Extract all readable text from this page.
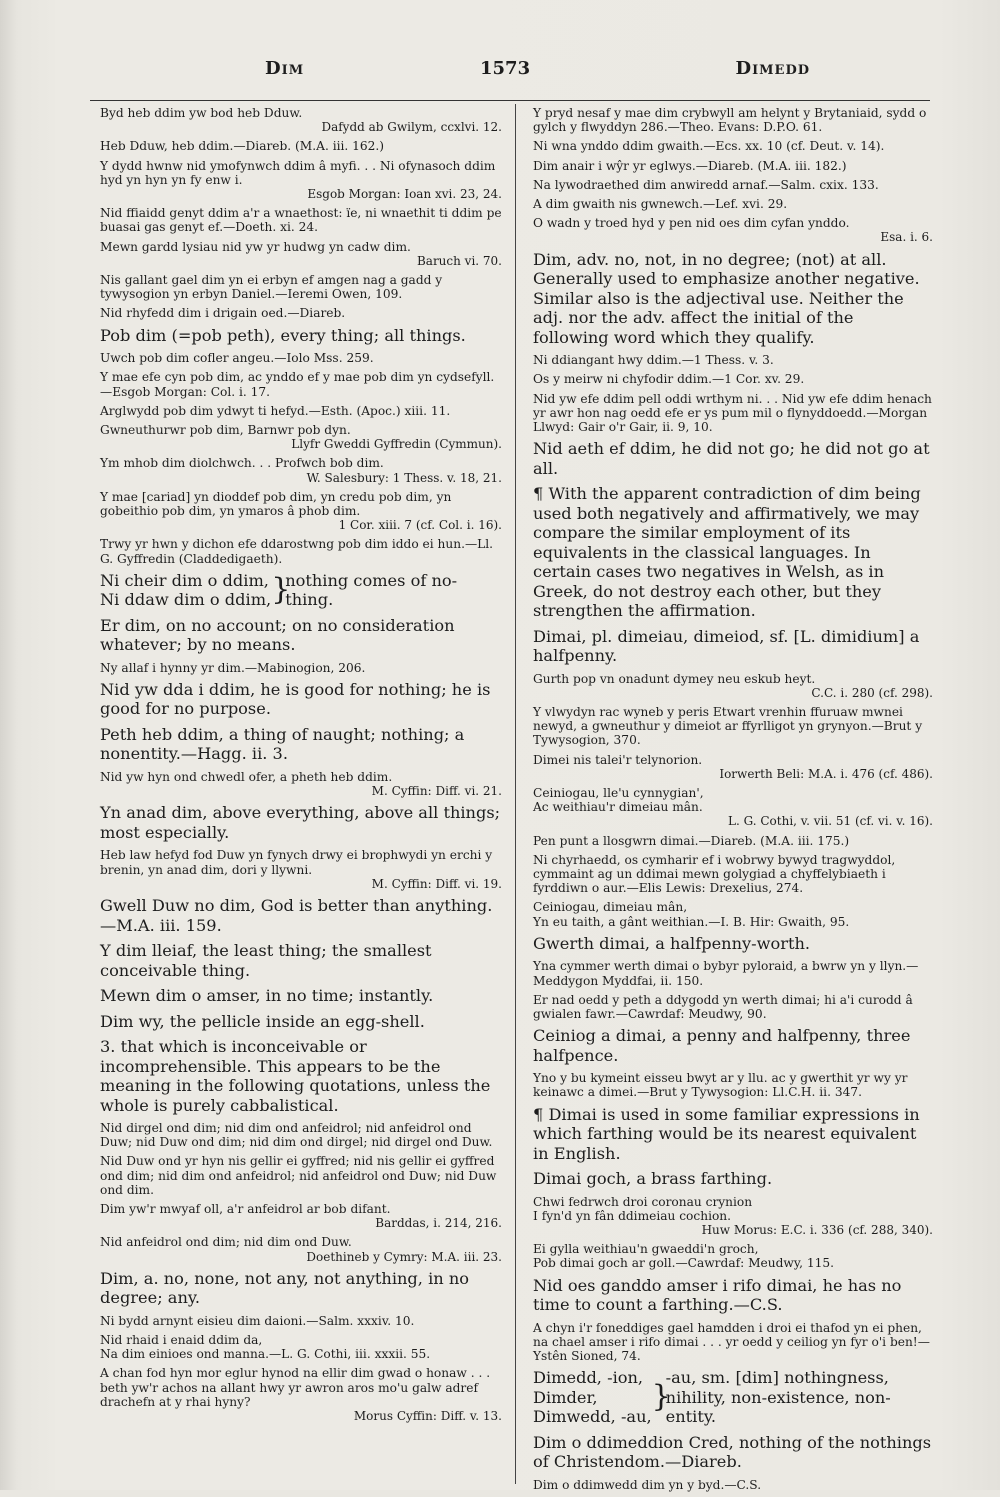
Dim	1573	Dimedd
Byd heb ddim yw bod heb Dduw.
Dafydd ab Gwilym, ccxlvi. 12.
Heb Dduw, heb ddim.—Diareb. (M.A. iii. 162.)
Y dydd hwnw nid ymofynwch ddim â myfi. . . Ni ofynasoch ddim hyd yn hyn yn fy enw i.
Esgob Morgan: Ioan xvi. 23, 24.
Nid ffiaidd genyt ddim a'r a wnaethost: ïe, ni wnaethit ti ddim pe buasai gas genyt ef.—Doeth. xi. 24.
Mewn gardd lysiau nid yw yr hudwg yn cadw dim.
Baruch vi. 70.
Nis gallant gael dim yn ei erbyn ef amgen nag a gadd y tywysogion yn erbyn Daniel.—Ieremi Owen, 109.
Nid rhyfedd dim i drigain oed.—Diareb.
Pob dim (=pob peth), every thing; all things.
Uwch pob dim cofler angeu.—Iolo Mss. 259.
Y mae efe cyn pob dim, ac ynddo ef y mae pob dim yn cydsefyll.—Esgob Morgan: Col. i. 17.
Arglwydd pob dim ydwyt ti hefyd.—Esth. (Apoc.) xiii. 11.
Gwneuthurwr pob dim, Barnwr pob dyn.
Llyfr Gweddi Gyffredin (Cymmun).
Ym mhob dim diolchwch. . . Profwch bob dim.
W. Salesbury: 1 Thess. v. 18, 21.
Y mae [cariad] yn dioddef pob dim, yn credu pob dim, yn gobeithio pob dim, yn ymaros â phob dim.
1 Cor. xiii. 7 (cf. Col. i. 16).
Trwy yr hwn y dichon efe ddarostwng pob dim iddo ei hun.—Ll. G. Gyffredin (Claddedigaeth).
Ni cheir dim o ddim,
Ni ddaw dim o ddim, }
nothing comes of no-
thing.
Er dim, on no account; on no consideration whatever; by no means.
Ny allaf i hynny yr dim.—Mabinogion, 206.
Nid yw dda i ddim, he is good for nothing; he is good for no purpose.
Peth heb ddim, a thing of naught; nothing; a nonentity.—Hagg. ii. 3.
Nid yw hyn ond chwedl ofer, a pheth heb ddim.
M. Cyffin: Diff. vi. 21.
Yn anad dim, above everything, above all things; most especially.
Heb law hefyd fod Duw yn fynych drwy ei brophwydi yn erchi y brenin, yn anad dim, dori y llywni.
M. Cyffin: Diff. vi. 19.
Gwell Duw no dim, God is better than anything.—M.A. iii. 159.
Y dim lleiaf, the least thing; the smallest conceivable thing.
Mewn dim o amser, in no time; instantly.
Dim wy, the pellicle inside an egg-shell.
3. that which is inconceivable or incomprehensible. This appears to be the meaning in the following quotations, unless the whole is purely cabbalistical.
Nid dirgel ond dim; nid dim ond anfeidrol; nid anfeidrol ond Duw; nid Duw ond dim; nid dim ond dirgel; nid dirgel ond Duw.
Nid Duw ond yr hyn nis gellir ei gyffred; nid nis gellir ei gyffred ond dim; nid dim ond anfeidrol; nid anfeidrol ond Duw; nid Duw ond dim.
Dim yw'r mwyaf oll, a'r anfeidrol ar bob difant.
Barddas, i. 214, 216.
Nid anfeidrol ond dim; nid dim ond Duw.
Doethineb y Cymry: M.A. iii. 23.
Dim, a. no, none, not any, not anything, in no degree; any.
Ni bydd arnynt eisieu dim daioni.—Salm. xxxiv. 10.
Nid rhaid i enaid ddim da,
Na dim einioes ond manna.—L. G. Cothi, iii. xxxii. 55.
A chan fod hyn mor eglur hynod na ellir dim gwad o honaw . . . beth yw'r achos na allant hwy yr awron aros mo'u galw adref drachefn at y rhai hyny?
Morus Cyffin: Diff. v. 13.
Y pryd nesaf y mae dim crybwyll am helynt y Brytaniaid, sydd o gylch y flwyddyn 286.—Theo. Evans: D.P.O. 61.
Ni wna ynddo ddim gwaith.—Ecs. xx. 10 (cf. Deut. v. 14).
Dim anair i wŷr yr eglwys.—Diareb. (M.A. iii. 182.)
Na lywodraethed dim anwiredd arnaf.—Salm. cxix. 133.
A dim gwaith nis gwnewch.—Lef. xvi. 29.
O wadn y troed hyd y pen nid oes dim cyfan ynddo.
Esa. i. 6.
Dim, adv. no, not, in no degree; (not) at all. Generally used to emphasize another negative. Similar also is the adjectival use. Neither the adj. nor the adv. affect the initial of the following word which they qualify.
Ni ddiangant hwy ddim.—1 Thess. v. 3.
Os y meirw ni chyfodir ddim.—1 Cor. xv. 29.
Nid yw efe ddim pell oddi wrthym ni. . . Nid yw efe ddim henach yr awr hon nag oedd efe er ys pum mil o flynyddoedd.—Morgan Llwyd: Gair o'r Gair, ii. 9, 10.
Nid aeth ef ddim, he did not go; he did not go at all.
¶ With the apparent contradiction of dim being used both negatively and affirmatively, we may compare the similar employment of its equivalents in the classical languages. In certain cases two negatives in Welsh, as in Greek, do not destroy each other, but they strengthen the affirmation.
Dimai, pl. dimeiau, dimeiod, sf. [L. dimidium] a halfpenny.
Gurth pop vn onadunt dymey neu eskub heyt.
C.C. i. 280 (cf. 298).
Y vlwydyn rac wyneb y peris Etwart vrenhin ffuruaw mwnei newyd, a gwneuthur y dimeiot ar ffyrlligot yn grynyon.—Brut y Tywysogion, 370.
Dimei nis talei'r telynorion.
Iorwerth Beli: M.A. i. 476 (cf. 486).
Ceiniogau, lle'u cynnygian',
Ac weithiau'r dimeiau mân.
L. G. Cothi, v. vii. 51 (cf. vi. v. 16).
Pen punt a llosgwrn dimai.—Diareb. (M.A. iii. 175.)
Ni chyrhaedd, os cymharir ef i wobrwy bywyd tragwyddol, cymmaint ag un ddimai mewn golygiad a chyffelybiaeth i fyrddiwn o aur.—Elis Lewis: Drexelius, 274.
Ceiniogau, dimeiau mân,
Yn eu taith, a gânt weithian.—I. B. Hir: Gwaith, 95.
Gwerth dimai, a halfpenny-worth.
Yna cymmer werth dimai o bybyr pyloraid, a bwrw yn y llyn.—Meddygon Myddfai, ii. 150.
Er nad oedd y peth a ddygodd yn werth dimai; hi a'i curodd â gwialen fawr.—Cawrdaf: Meudwy, 90.
Ceiniog a dimai, a penny and halfpenny, three halfpence.
Yno y bu kymeint eisseu bwyt ar y llu. ac y gwerthit yr wy yr keinawc a dimei.—Brut y Tywysogion: Ll.C.H. ii. 347.
¶ Dimai is used in some familiar expressions in which farthing would be its nearest equivalent in English.
Dimai goch, a brass farthing.
Chwi fedrwch droi coronau crynion
I fyn'd yn fân ddimeiau cochion.
Huw Morus: E.C. i. 336 (cf. 288, 340).
Ei gylla weithiau'n gwaeddi'n groch,
Pob dimai goch ar goll.—Cawrdaf: Meudwy, 115.
Nid oes ganddo amser i rifo dimai, he has no time to count a farthing.—C.S.
A chyn i'r foneddiges gael hamdden i droi ei thafod yn ei phen, na chael amser i rifo dimai . . . yr oedd y ceiliog yn fyr o'i ben!—Ystên Sioned, 74.
Dimedd, -ion,
Dimder,
Dimwedd, -au,
}
-au, sm. [dim] nothingness,
nihility, non-existence, non-
entity.
Dim o ddimeddion Cred, nothing of the nothings of Christendom.—Diareb.
Dim o ddimwedd dim yn y byd.—C.S.
